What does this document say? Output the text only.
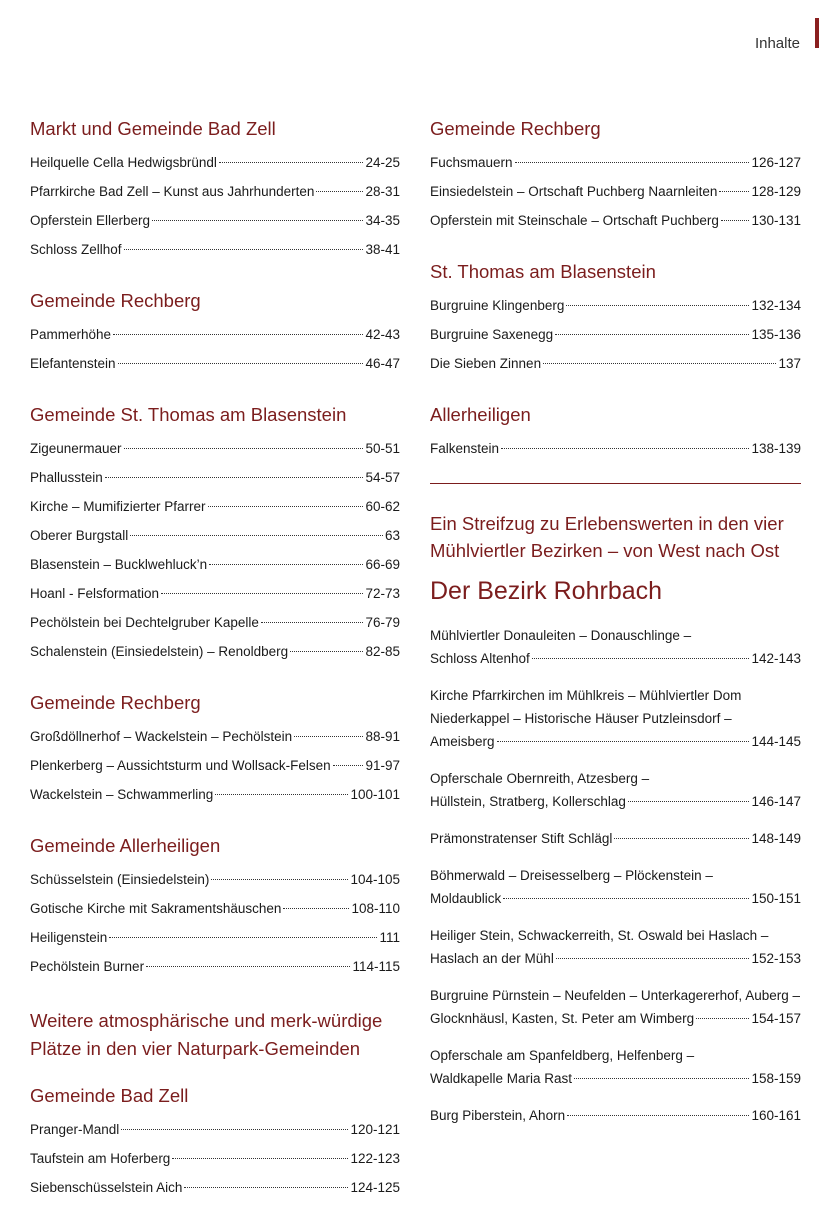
Inhalte
Markt und Gemeinde Bad Zell
Heilquelle Cella Hedwigsbründl	24-25
Pfarrkirche Bad Zell – Kunst aus Jahrhunderten	28-31
Opferstein Ellerberg	34-35
Schloss Zellhof	38-41
Gemeinde Rechberg
Pammerhöhe	42-43
Elefantenstein	46-47
Gemeinde St. Thomas am Blasenstein
Zigeunermauer	50-51
Phallusstein	54-57
Kirche – Mumifizierter Pfarrer	60-62
Oberer Burgstall	63
Blasenstein – Bucklwehluck’n	66-69
Hoanl - Felsformation	72-73
Pechölstein bei Dechtelgruber Kapelle	76-79
Schalenstein (Einsiedelstein) – Renoldberg	82-85
Gemeinde Rechberg
Großdöllnerhof – Wackelstein – Pechölstein	88-91
Plenkerberg – Aussichtsturm und Wollsack-Felsen	91-97
Wackelstein – Schwammerling	100-101
Gemeinde Allerheiligen
Schüsselstein (Einsiedelstein)	104-105
Gotische Kirche mit Sakramentshäuschen	108-110
Heiligenstein	111
Pechölstein Burner	114-115
Weitere atmosphärische und merk-würdige Plätze in den vier Naturpark-Gemeinden
Gemeinde Bad Zell
Pranger-Mandl	120-121
Taufstein am Hoferberg	122-123
Siebenschüsselstein Aich	124-125
Gemeinde Rechberg
Fuchsmauern	126-127
Einsiedelstein – Ortschaft Puchberg Naarnleiten	128-129
Opferstein mit Steinschale – Ortschaft Puchberg 130-131
St. Thomas am Blasenstein
Burgruine Klingenberg	132-134
Burgruine Saxenegg	135-136
Die Sieben Zinnen	137
Allerheiligen
Falkenstein	138-139
Ein Streifzug zu Erlebenswerten in den vier Mühlviertler Bezirken – von West nach Ost
Der Bezirk Rohrbach
Mühlviertler Donauleiten – Donauschlinge –
Schloss Altenhof	142-143
Kirche Pfarrkirchen im Mühlkreis – Mühlviertler Dom
Niederkappel – Historische Häuser Putzleinsdorf –
Ameisberg	144-145
Opferschale Obernreith, Atzesberg –
Hüllstein, Stratberg, Kollerschlag	146-147
Prämonstratenser Stift Schlägl	148-149
Böhmerwald – Dreisesselberg – Plöckenstein –
Moldaublick	150-151
Heiliger Stein, Schwackerreith, St. Oswald bei Haslach –
Haslach an der Mühl	152-153
Burgruine Pürnstein – Neufelden – Unterkagererhof, Auberg –
Glocknhäusl, Kasten, St. Peter am Wimberg	154-157
Opferschale am Spanfeldberg, Helfenberg –
Waldkapelle Maria Rast	158-159
Burg Piberstein, Ahorn	160-161
